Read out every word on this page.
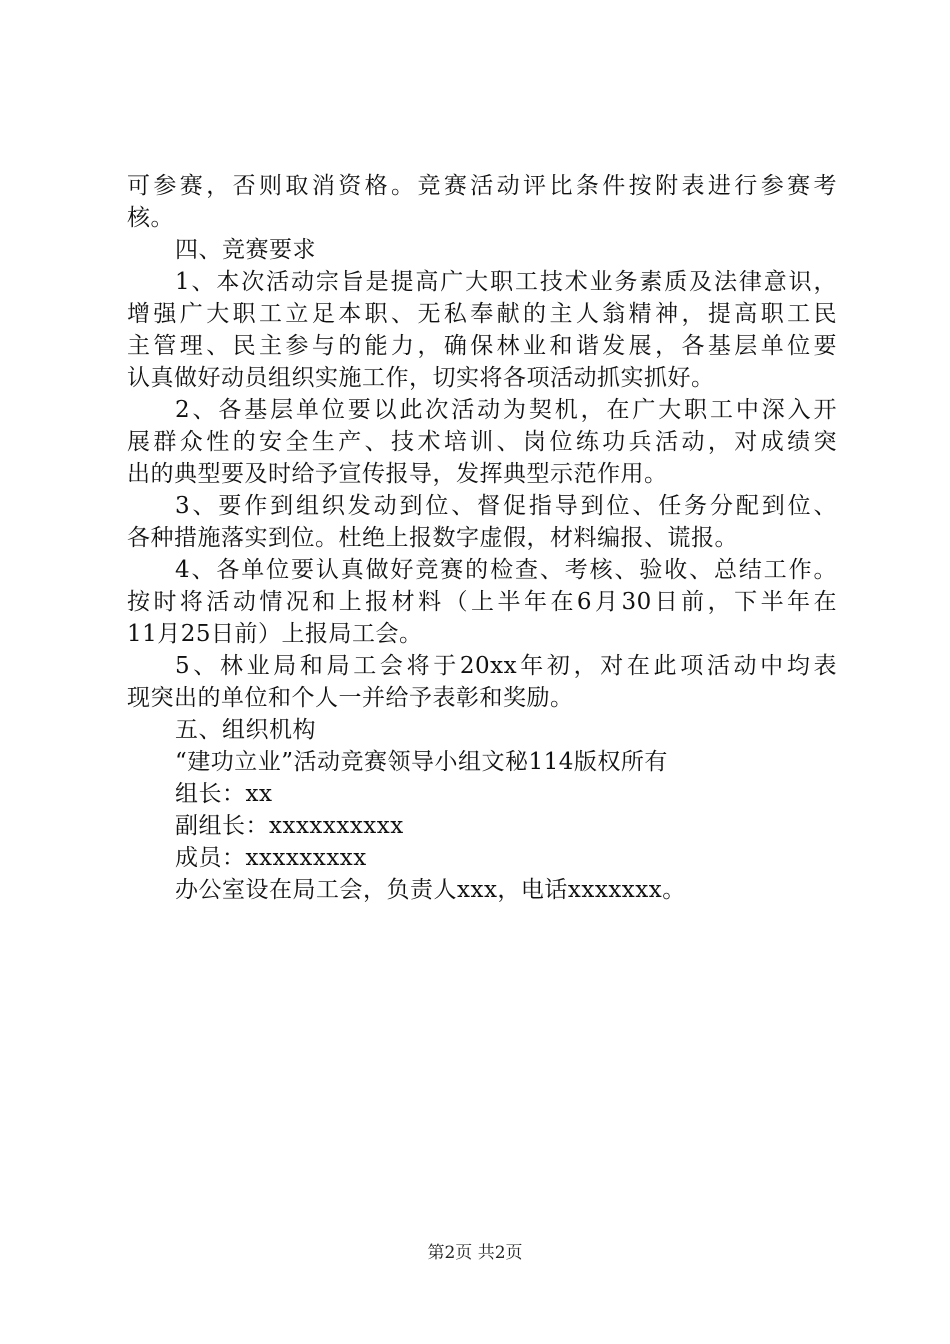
可参赛，否则取消资格。竞赛活动评比条件按附表进行参赛考
核。
四、竞赛要求
1、本次活动宗旨是提高广大职工技术业务素质及法律意识，
增强广大职工立足本职、无私奉献的主人翁精神，提高职工民
主管理、民主参与的能力，确保林业和谐发展，各基层单位要
认真做好动员组织实施工作，切实将各项活动抓实抓好。
2、各基层单位要以此次活动为契机，在广大职工中深入开
展群众性的安全生产、技术培训、岗位练功兵活动，对成绩突
出的典型要及时给予宣传报导，发挥典型示范作用。
3、要作到组织发动到位、督促指导到位、任务分配到位、
各种措施落实到位。杜绝上报数字虚假，材料编报、谎报。
4、各单位要认真做好竞赛的检查、考核、验收、总结工作。
按时将活动情况和上报材料（上半年在6月30日前，下半年在
11月25日前）上报局工会。
5、林业局和局工会将于20xx年初，对在此项活动中均表
现突出的单位和个人一并给予表彰和奖励。
五、组织机构
“建功立业”活动竞赛领导小组文秘114版权所有
组长：xx
副组长：xxxxxxxxxx
成员：xxxxxxxxx
办公室设在局工会，负责人xxx，电话xxxxxxx。
第2页 共2页
